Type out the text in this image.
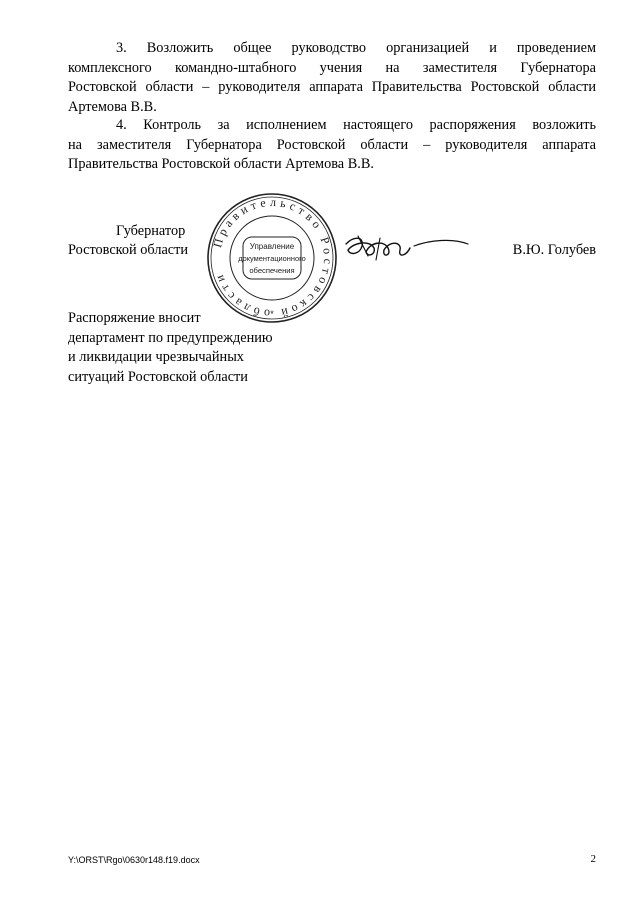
3. Возложить общее руководство организацией и проведением
комплексного командно-штабного учения на заместителя Губернатора
Ростовской области – руководителя аппарата Правительства Ростовской области
Артемова В.В.
4. Контроль за исполнением настоящего распоряжения возложить
на заместителя Губернатора Ростовской области – руководителя аппарата
Правительства Ростовской области Артемова В.В.
Губернатор
Ростовской области	В.Ю. Голубев
Правительство Ростовской области
Управление
документационного
обеспечения
*
Распоряжение вносит
департамент по предупреждению
и ликвидации чрезвычайных
ситуаций Ростовской области
Y:\ORST\Rgo\0630r148.f19.docx	2
